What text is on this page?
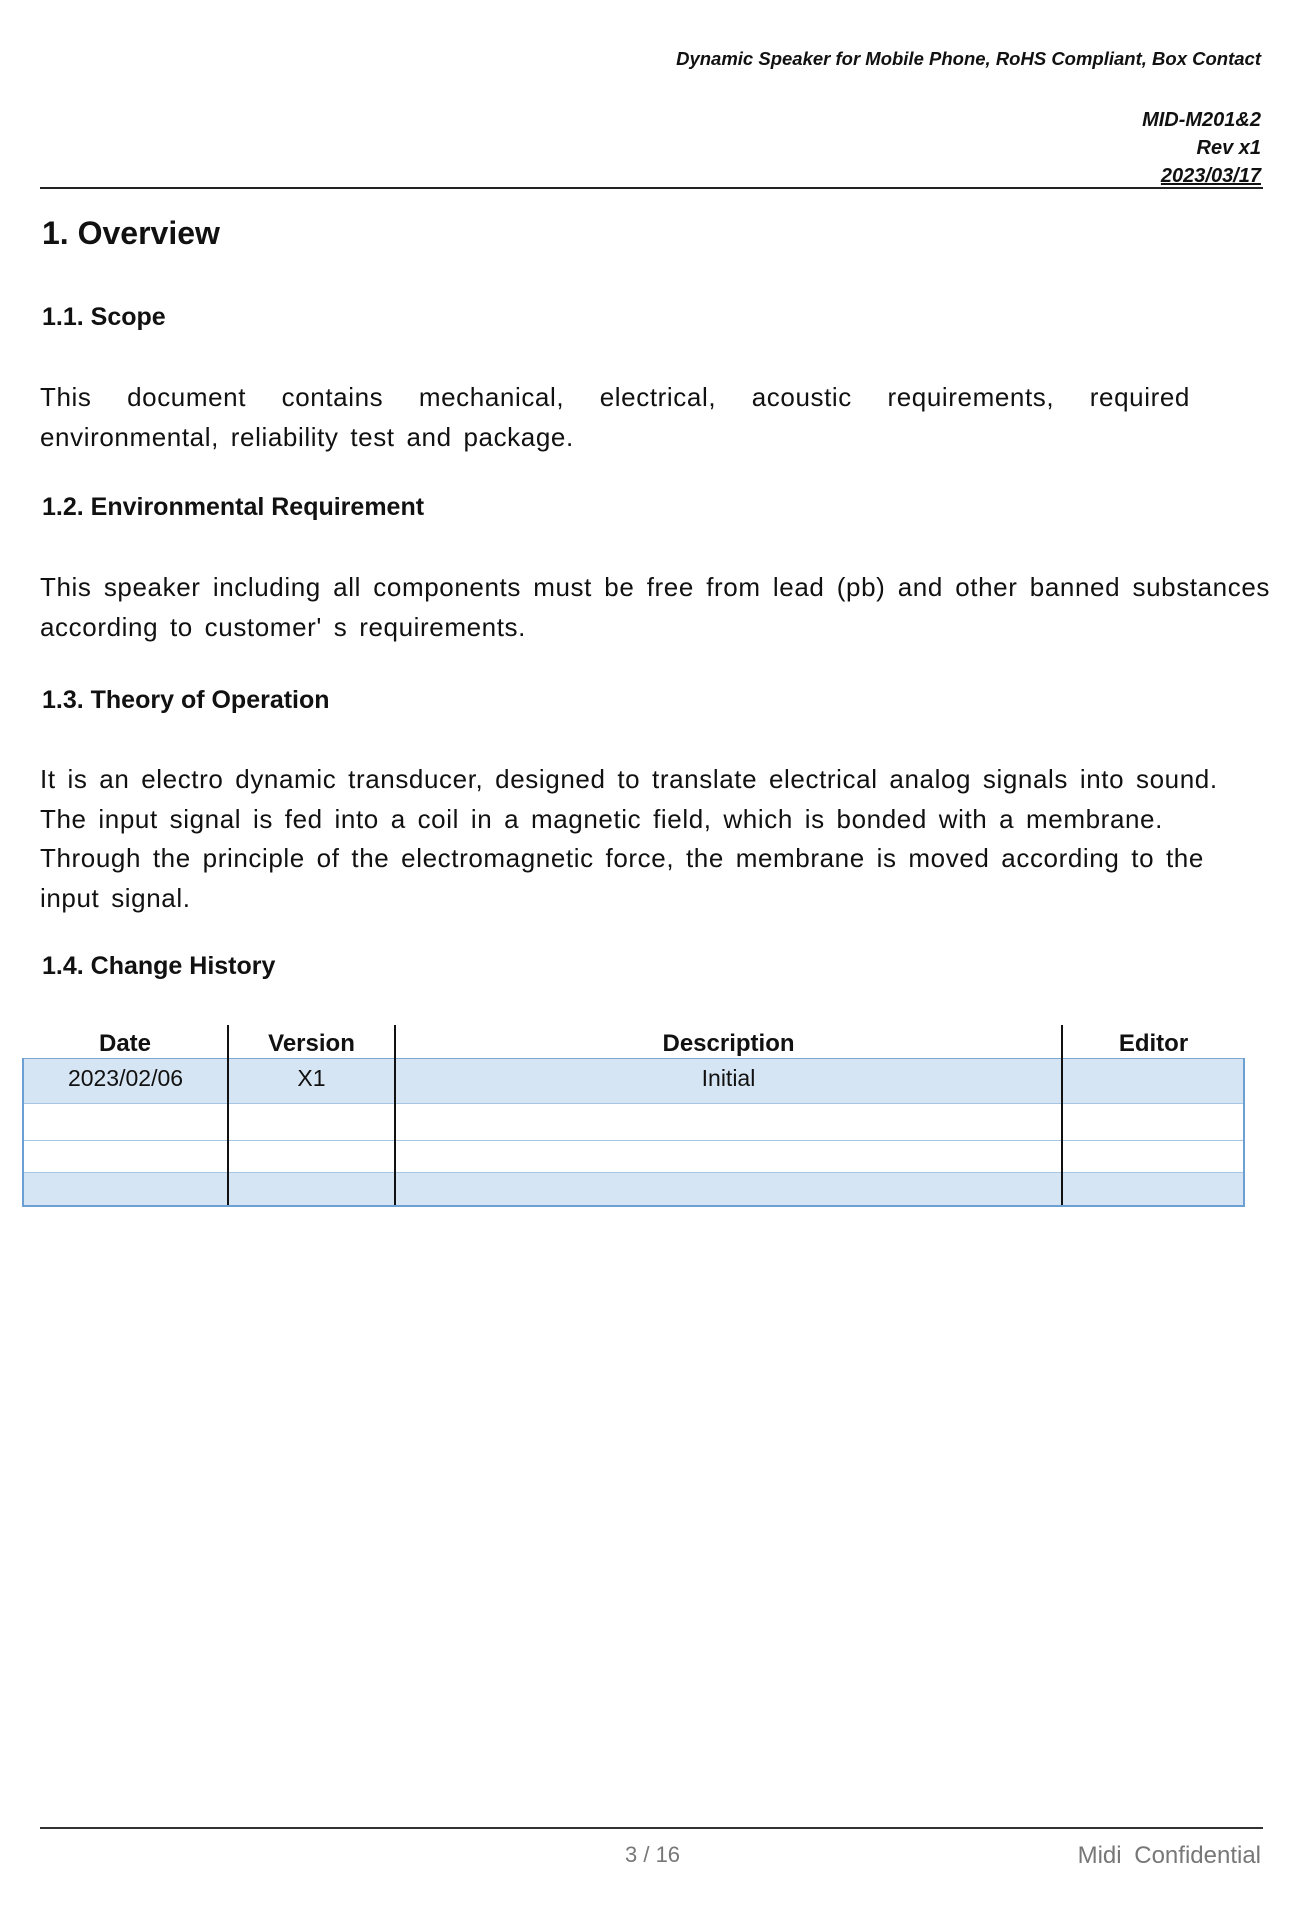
Dynamic Speaker for Mobile Phone, RoHS Compliant, Box Contact
MID-M201&2
Rev x1
2023/03/17
1. Overview
1.1. Scope
This document contains mechanical, electrical, acoustic requirements, required environmental, reliability test and package.
1.2. Environmental Requirement
This speaker including all components must be free from lead (pb) and other banned substances according to customer' s requirements.
1.3. Theory of Operation
It is an electro dynamic transducer, designed to translate electrical analog signals into sound. The input signal is fed into a coil in a magnetic field, which is bonded with a membrane. Through the principle of the electromagnetic force, the membrane is moved according to the input signal.
1.4. Change History
Date	Version	Description	Editor
2023/02/06	X1	Initial	

3 / 16	Midi Confidential
